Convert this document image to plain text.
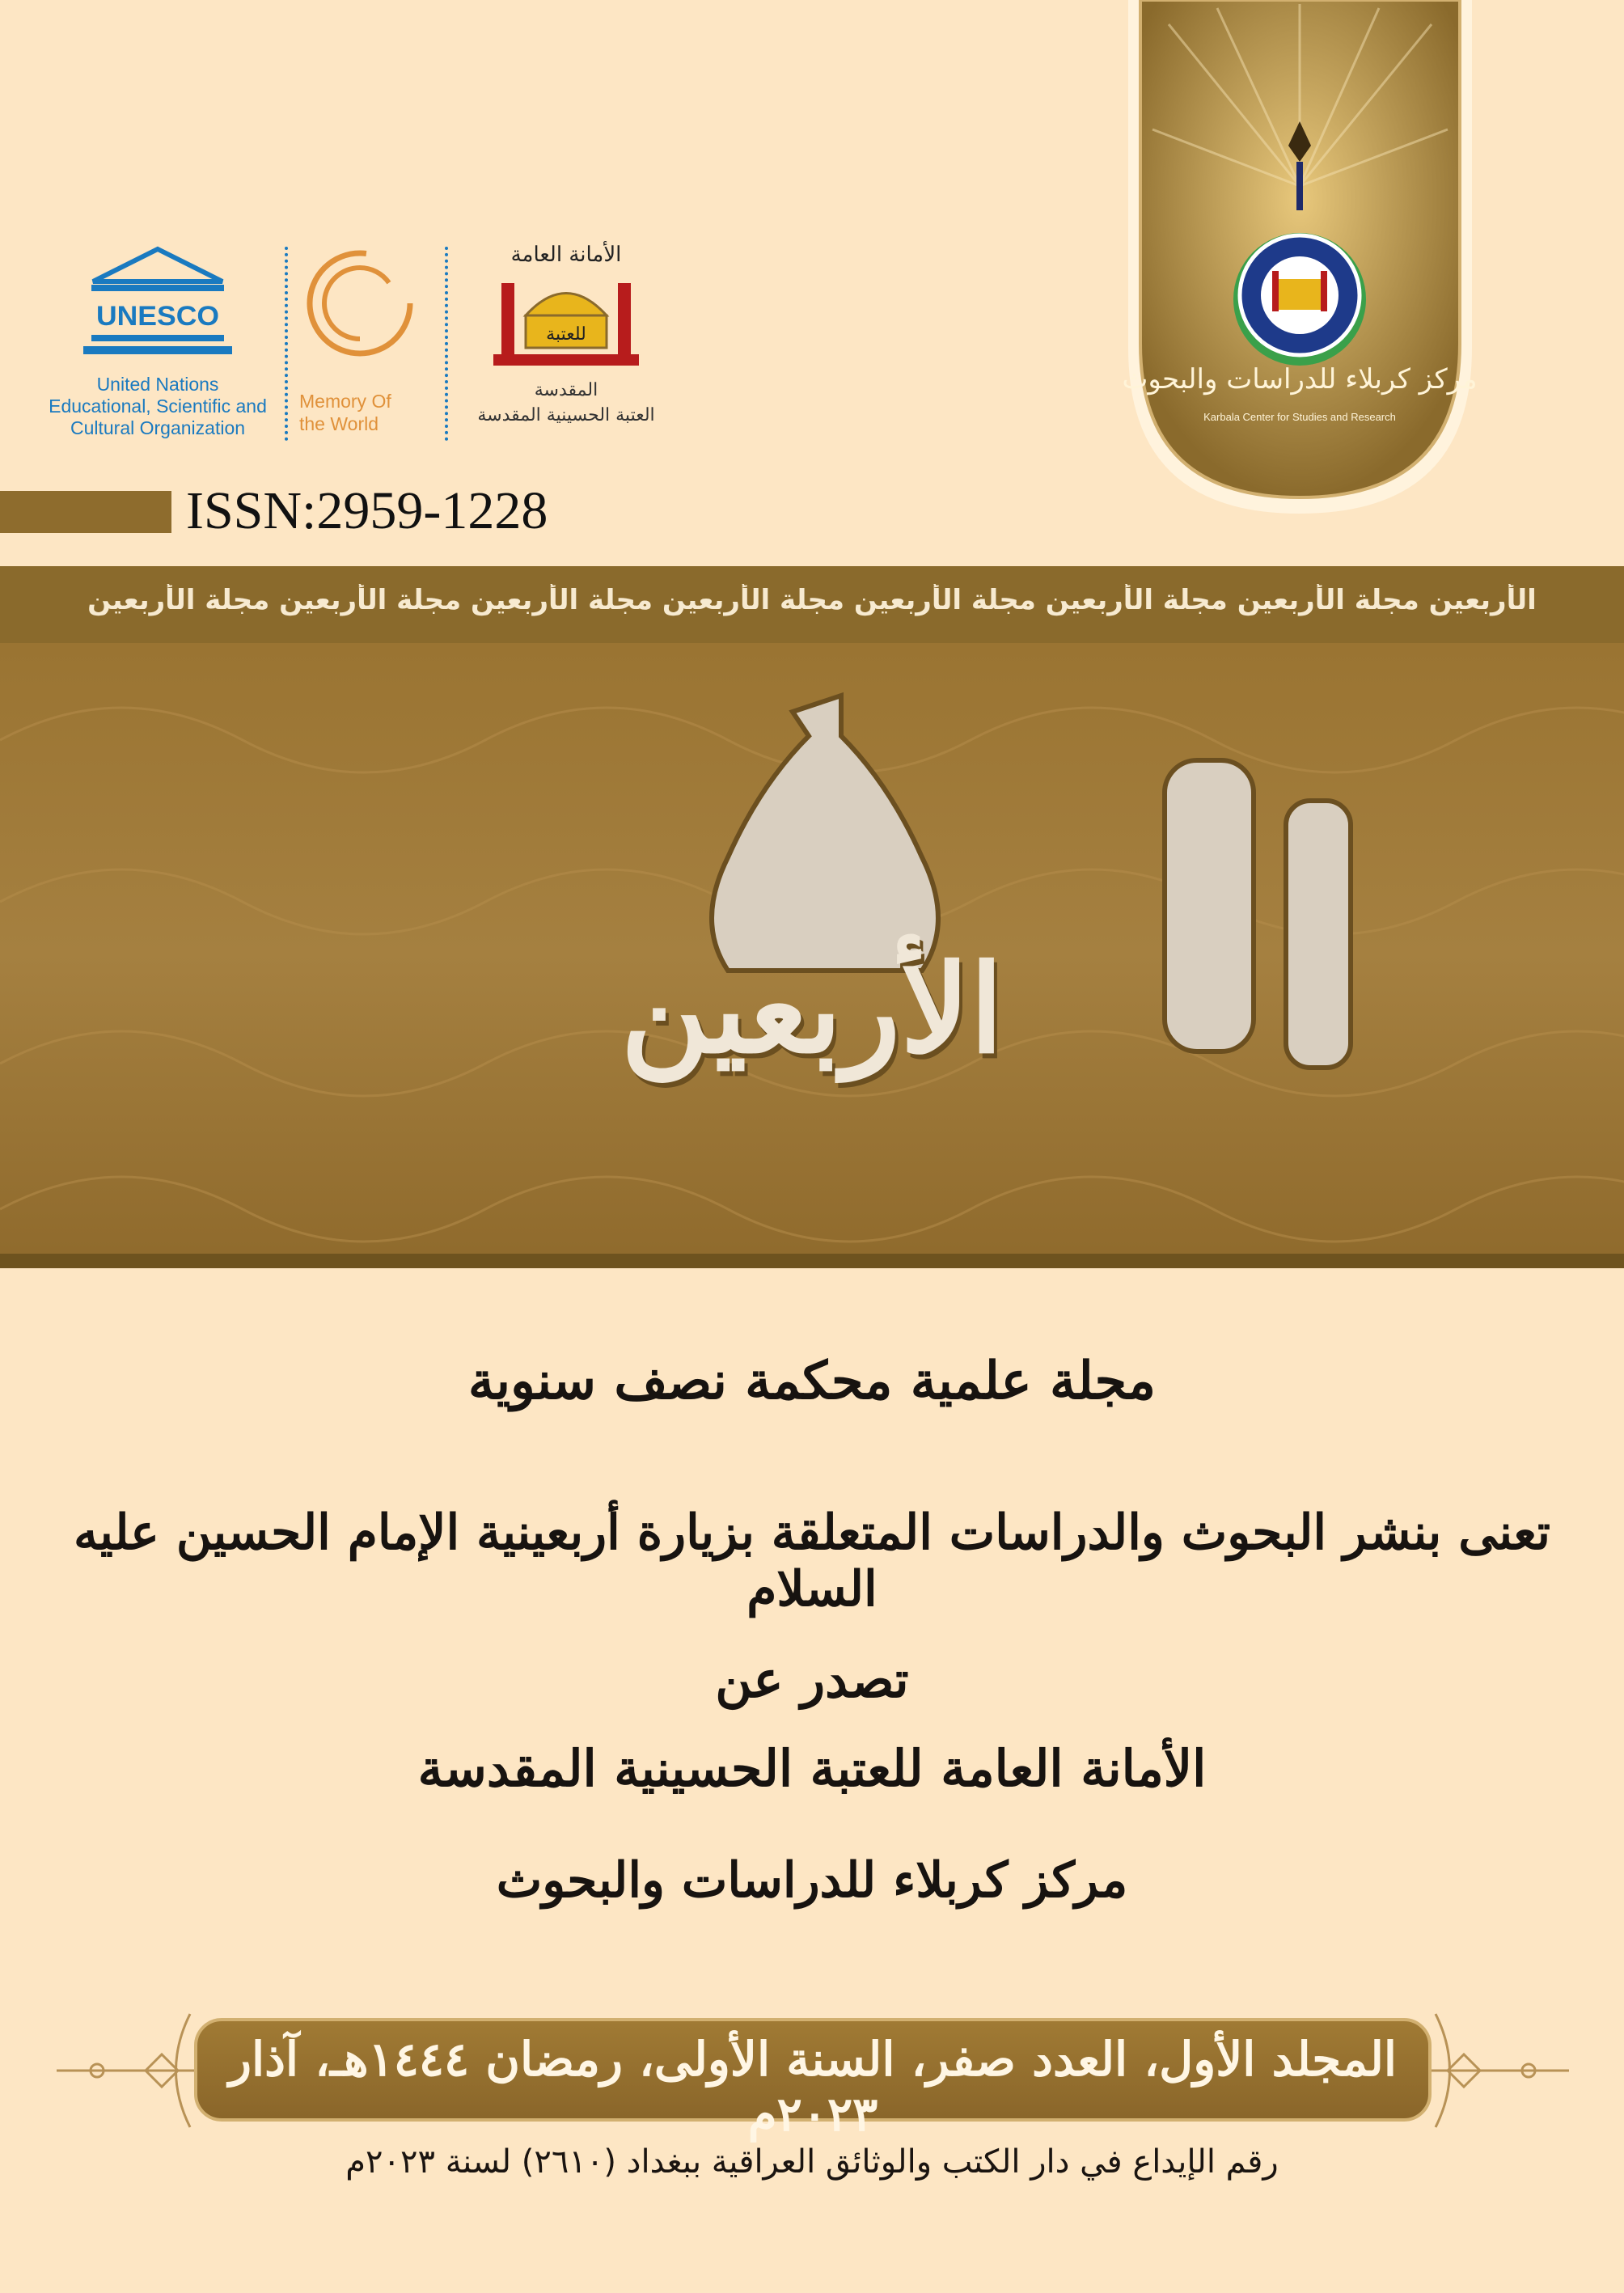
UNESCO
United Nations
Educational, Scientific and
Cultural Organization
Memory Of
the World
الأمانة العامة
للعتبة
المقدسة
العتبة الحسينية المقدسة
ISSN:2959-1228
مركز كربلاء للدراسات والبحوث
Karbala Center for Studies and Research
الأربعين مجلة الأربعين مجلة الأربعين مجلة الأربعين مجلة الأربعين مجلة الأربعين مجلة الأربعين مجلة الأربعين
الأربعين
مجلة علمية محكمة نصف سنوية
تعنى بنشر البحوث والدراسات المتعلقة بزيارة أربعينية الإمام الحسين عليه السلام
تصدر عن
الأمانة العامة للعتبة الحسينية المقدسة
مركز كربلاء للدراسات والبحوث
المجلد الأول، العدد صفر، السنة الأولى، رمضان ١٤٤٤هـ، آذار ٢٠٢٣م
رقم الإيداع في دار الكتب والوثائق العراقية ببغداد (٢٦١٠) لسنة ٢٠٢٣م
